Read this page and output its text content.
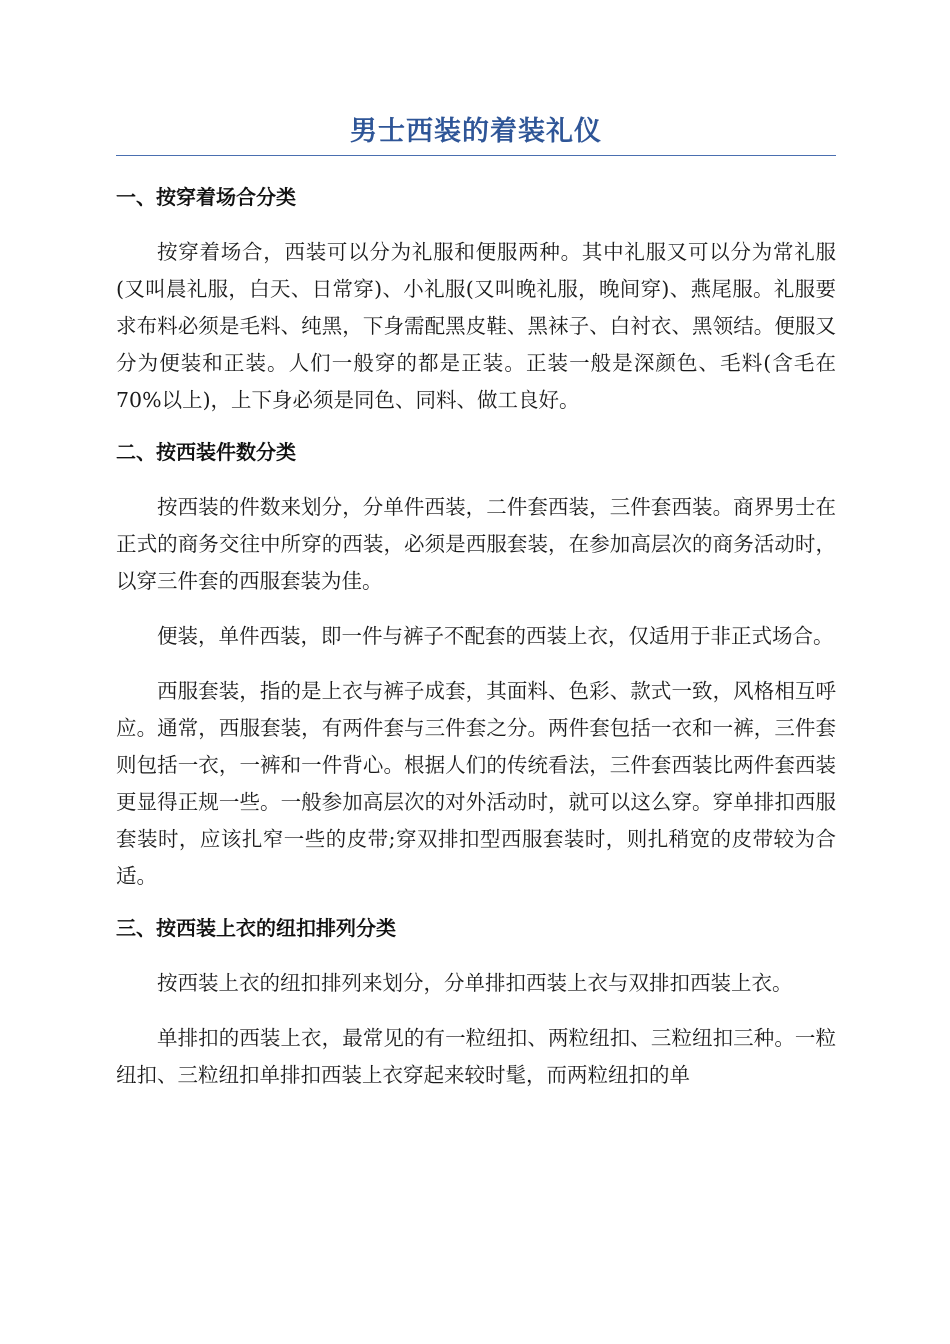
男士西装的着装礼仪
一、按穿着场合分类

按穿着场合，西装可以分为礼服和便服两种。其中礼服又可以分为常礼服(又叫晨礼服，白天、日常穿)、小礼服(又叫晚礼服，晚间穿)、燕尾服。礼服要求布料必须是毛料、纯黑，下身需配黑皮鞋、黑袜子、白衬衣、黑领结。便服又分为便装和正装。人们一般穿的都是正装。正装一般是深颜色、毛料(含毛在70%以上)，上下身必须是同色、同料、做工良好。

二、按西装件数分类

按西装的件数来划分，分单件西装，二件套西装，三件套西装。商界男士在正式的商务交往中所穿的西装，必须是西服套装，在参加高层次的商务活动时，以穿三件套的西服套装为佳。

便装，单件西装，即一件与裤子不配套的西装上衣，仅适用于非正式场合。

西服套装，指的是上衣与裤子成套，其面料、色彩、款式一致，风格相互呼应。通常，西服套装，有两件套与三件套之分。两件套包括一衣和一裤，三件套则包括一衣，一裤和一件背心。根据人们的传统看法，三件套西装比两件套西装更显得正规一些。一般参加高层次的对外活动时，就可以这么穿。穿单排扣西服套装时，应该扎窄一些的皮带;穿双排扣型西服套装时，则扎稍宽的皮带较为合适。

三、按西装上衣的纽扣排列分类

按西装上衣的纽扣排列来划分，分单排扣西装上衣与双排扣西装上衣。

单排扣的西装上衣，最常见的有一粒纽扣、两粒纽扣、三粒纽扣三种。一粒纽扣、三粒纽扣单排扣西装上衣穿起来较时髦，而两粒纽扣的单
